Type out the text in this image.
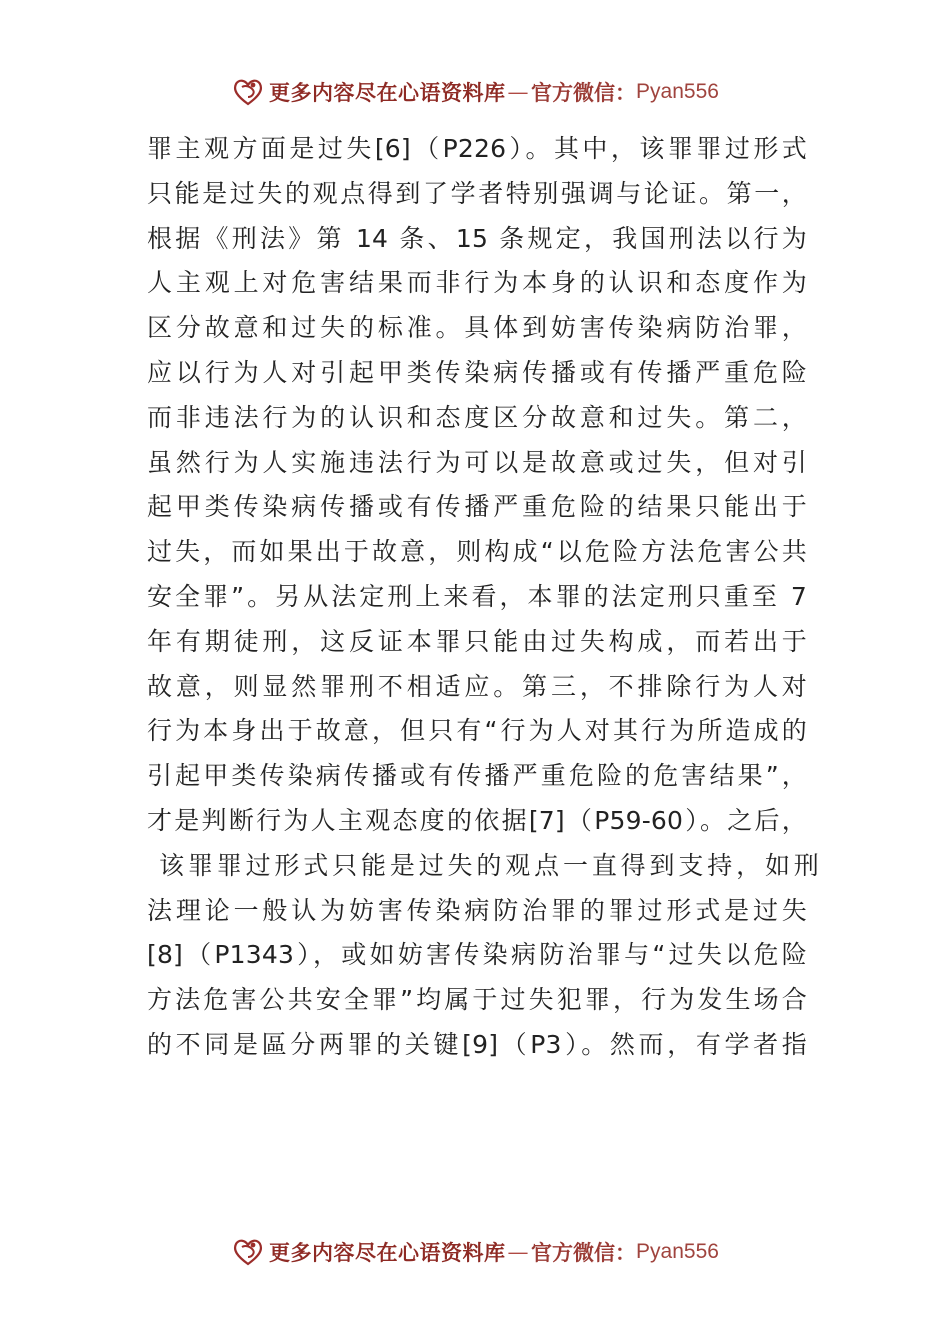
更多内容尽在心语资料库 — 官方微信： Pyan556
罪主观方面是过失[6]（P226）。其中，该罪罪过形式
只能是过失的观点得到了学者特别强调与论证。第一，
根据《刑法》第 14 条、15 条规定，我国刑法以行为
人主观上对危害结果而非行为本身的认识和态度作为
区分故意和过失的标准。具体到妨害传染病防治罪，
应以行为人对引起甲类传染病传播或有传播严重危险
而非违法行为的认识和态度区分故意和过失。第二，
虽然行为人实施违法行为可以是故意或过失，但对引
起甲类传染病传播或有传播严重危险的结果只能出于
过失，而如果出于故意，则构成“以危险方法危害公共
安全罪”。另从法定刑上来看，本罪的法定刑只重至 7
年有期徒刑，这反证本罪只能由过失构成，而若出于
故意，则显然罪刑不相适应。第三，不排除行为人对
行为本身出于故意，但只有“行为人对其行为所造成的
引起甲类传染病传播或有传播严重危险的危害结果”，
才是判断行为人主观态度的依据[7]（P59-60）。之后，
该罪罪过形式只能是过失的观点一直得到支持，如刑
法理论一般认为妨害传染病防治罪的罪过形式是过失
[8]（P1343），或如妨害传染病防治罪与“过失以危险
方法危害公共安全罪”均属于过失犯罪，行为发生场合
的不同是區分两罪的关键[9]（P3）。然而，有学者指
更多内容尽在心语资料库 — 官方微信： Pyan556
